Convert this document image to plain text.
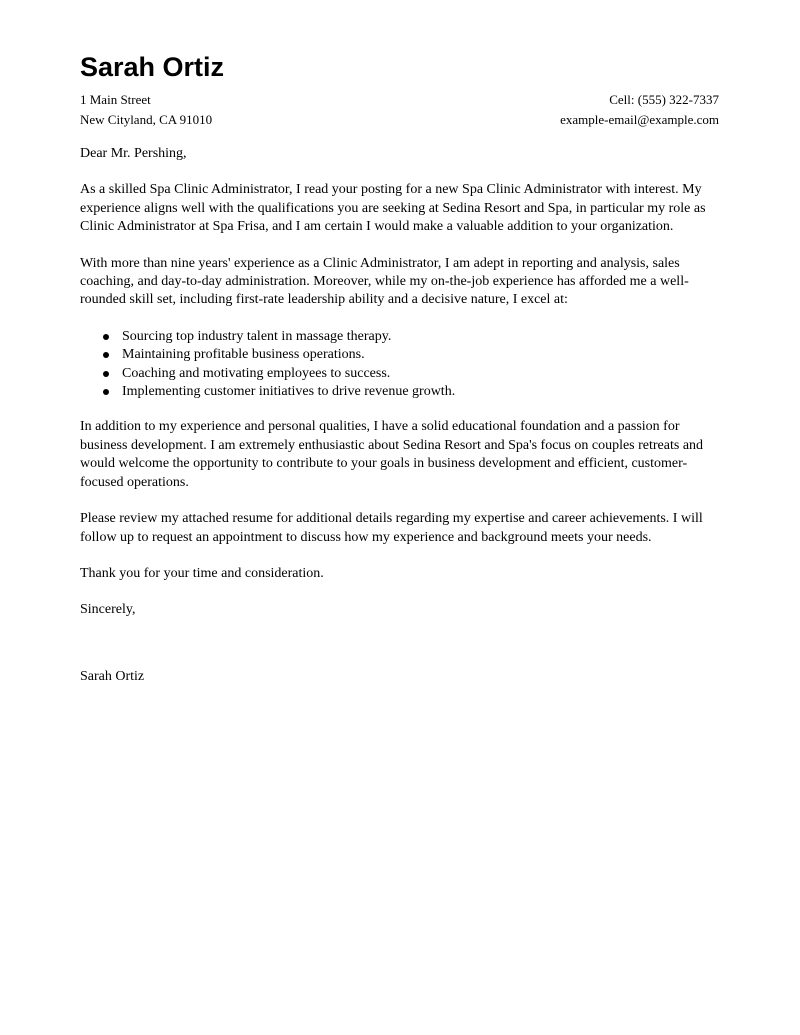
Sarah Ortiz
1 Main Street	Cell: (555) 322-7337
New Cityland, CA 91010	example-email@example.com

Dear Mr. Pershing,

As a skilled Spa Clinic Administrator, I read your posting for a new Spa Clinic Administrator with interest. My experience aligns well with the qualifications you are seeking at Sedina Resort and Spa, in particular my role as Clinic Administrator at Spa Frisa, and I am certain I would make a valuable addition to your organization.

With more than nine years' experience as a Clinic Administrator, I am adept in reporting and analysis, sales coaching, and day-to-day administration. Moreover, while my on-the-job experience has afforded me a well-rounded skill set, including first-rate leadership ability and a decisive nature, I excel at:

Sourcing top industry talent in massage therapy.
Maintaining profitable business operations.
Coaching and motivating employees to success.
Implementing customer initiatives to drive revenue growth.

In addition to my experience and personal qualities, I have a solid educational foundation and a passion for business development. I am extremely enthusiastic about Sedina Resort and Spa's focus on couples retreats and would welcome the opportunity to contribute to your goals in business development and efficient, customer-focused operations.

Please review my attached resume for additional details regarding my expertise and career achievements. I will follow up to request an appointment to discuss how my experience and background meets your needs.

Thank you for your time and consideration.

Sincerely,

Sarah Ortiz
